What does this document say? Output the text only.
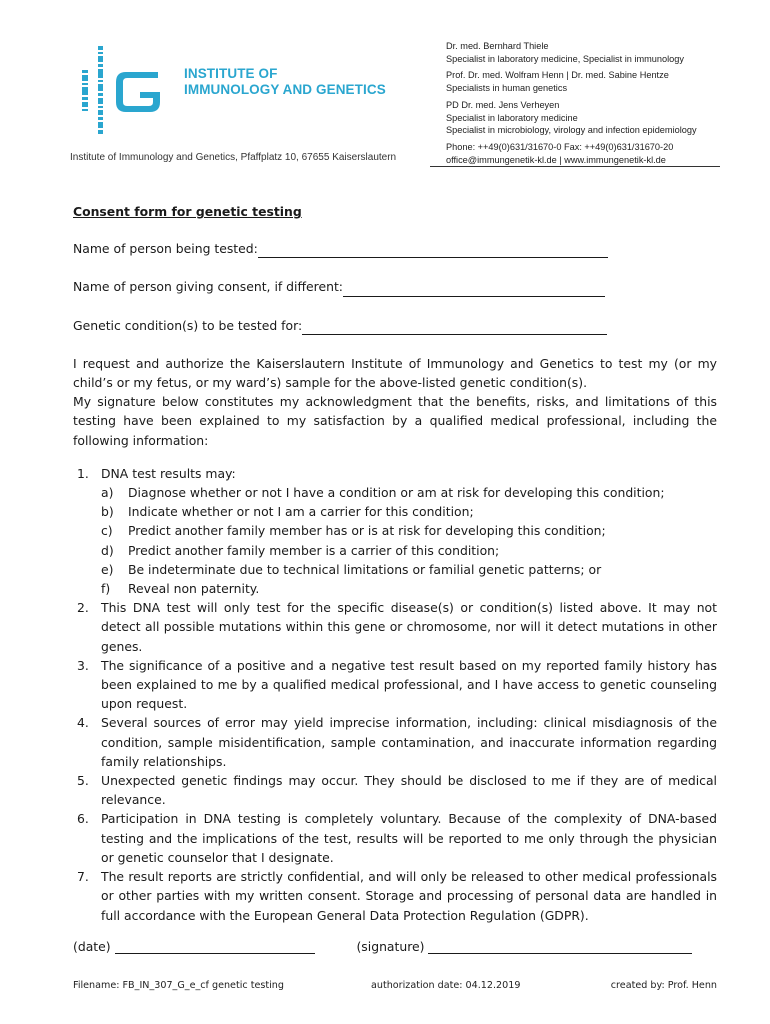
INSTITUTE OF
IMMUNOLOGY AND GENETICS
Institute of Immunology and Genetics, Pfaffplatz 10, 67655 Kaiserslautern
Dr. med. Bernhard Thiele
Specialist in laboratory medicine, Specialist in immunology
Prof. Dr. med. Wolfram Henn | Dr. med. Sabine Hentze
Specialists in human genetics
PD Dr. med. Jens Verheyen
Specialist in laboratory medicine
Specialist in microbiology, virology and infection epidemiology
Phone: ++49(0)631/31670-0 Fax: ++49(0)631/31670-20
office@immungenetik-kl.de | www.immungenetik-kl.de
Consent form for genetic testing
Name of person being tested:
Name of person giving consent, if different:
Genetic condition(s) to be tested for:

I request and authorize the Kaiserslautern Institute of Immunology and Genetics to test my (or my child’s or my fetus, or my ward’s) sample for the above-listed genetic condition(s).

My signature below constitutes my acknowledgment that the benefits, risks, and limitations of this testing have been explained to my satisfaction by a qualified medical professional, including the following information:

1. DNA test results may:
a)	Diagnose whether or not I have a condition or am at risk for developing this condition;
b)	Indicate whether or not I am a carrier for this condition;
c)	Predict another family member has or is at risk for developing this condition;
d)	Predict another family member is a carrier of this condition;
e)	Be indeterminate due to technical limitations or familial genetic patterns; or
f)	Reveal non paternity.
2. This DNA test will only test for the specific disease(s) or condition(s) listed above. It may not detect all possible mutations within this gene or chromosome, nor will it detect mutations in other genes.
3. The significance of a positive and a negative test result based on my reported family history has been explained to me by a qualified medical professional, and I have access to genetic counseling upon request.
4. Several sources of error may yield imprecise information, including: clinical misdiagnosis of the condition, sample misidentification, sample contamination, and inaccurate information regarding family relationships.
5. Unexpected genetic findings may occur. They should be disclosed to me if they are of medical relevance.
6. Participation in DNA testing is completely voluntary. Because of the complexity of DNA-based testing and the implications of the test, results will be reported to me only through the physician or genetic counselor that I designate.
7. The result reports are strictly confidential, and will only be released to other medical professionals or other parties with my written consent. Storage and processing of personal data are handled in full accordance with the European General Data Protection Regulation (GDPR).
(date)	(signature)
Filename: FB_IN_307_G_e_cf genetic testing	authorization date: 04.12.2019	created by: Prof. Henn
